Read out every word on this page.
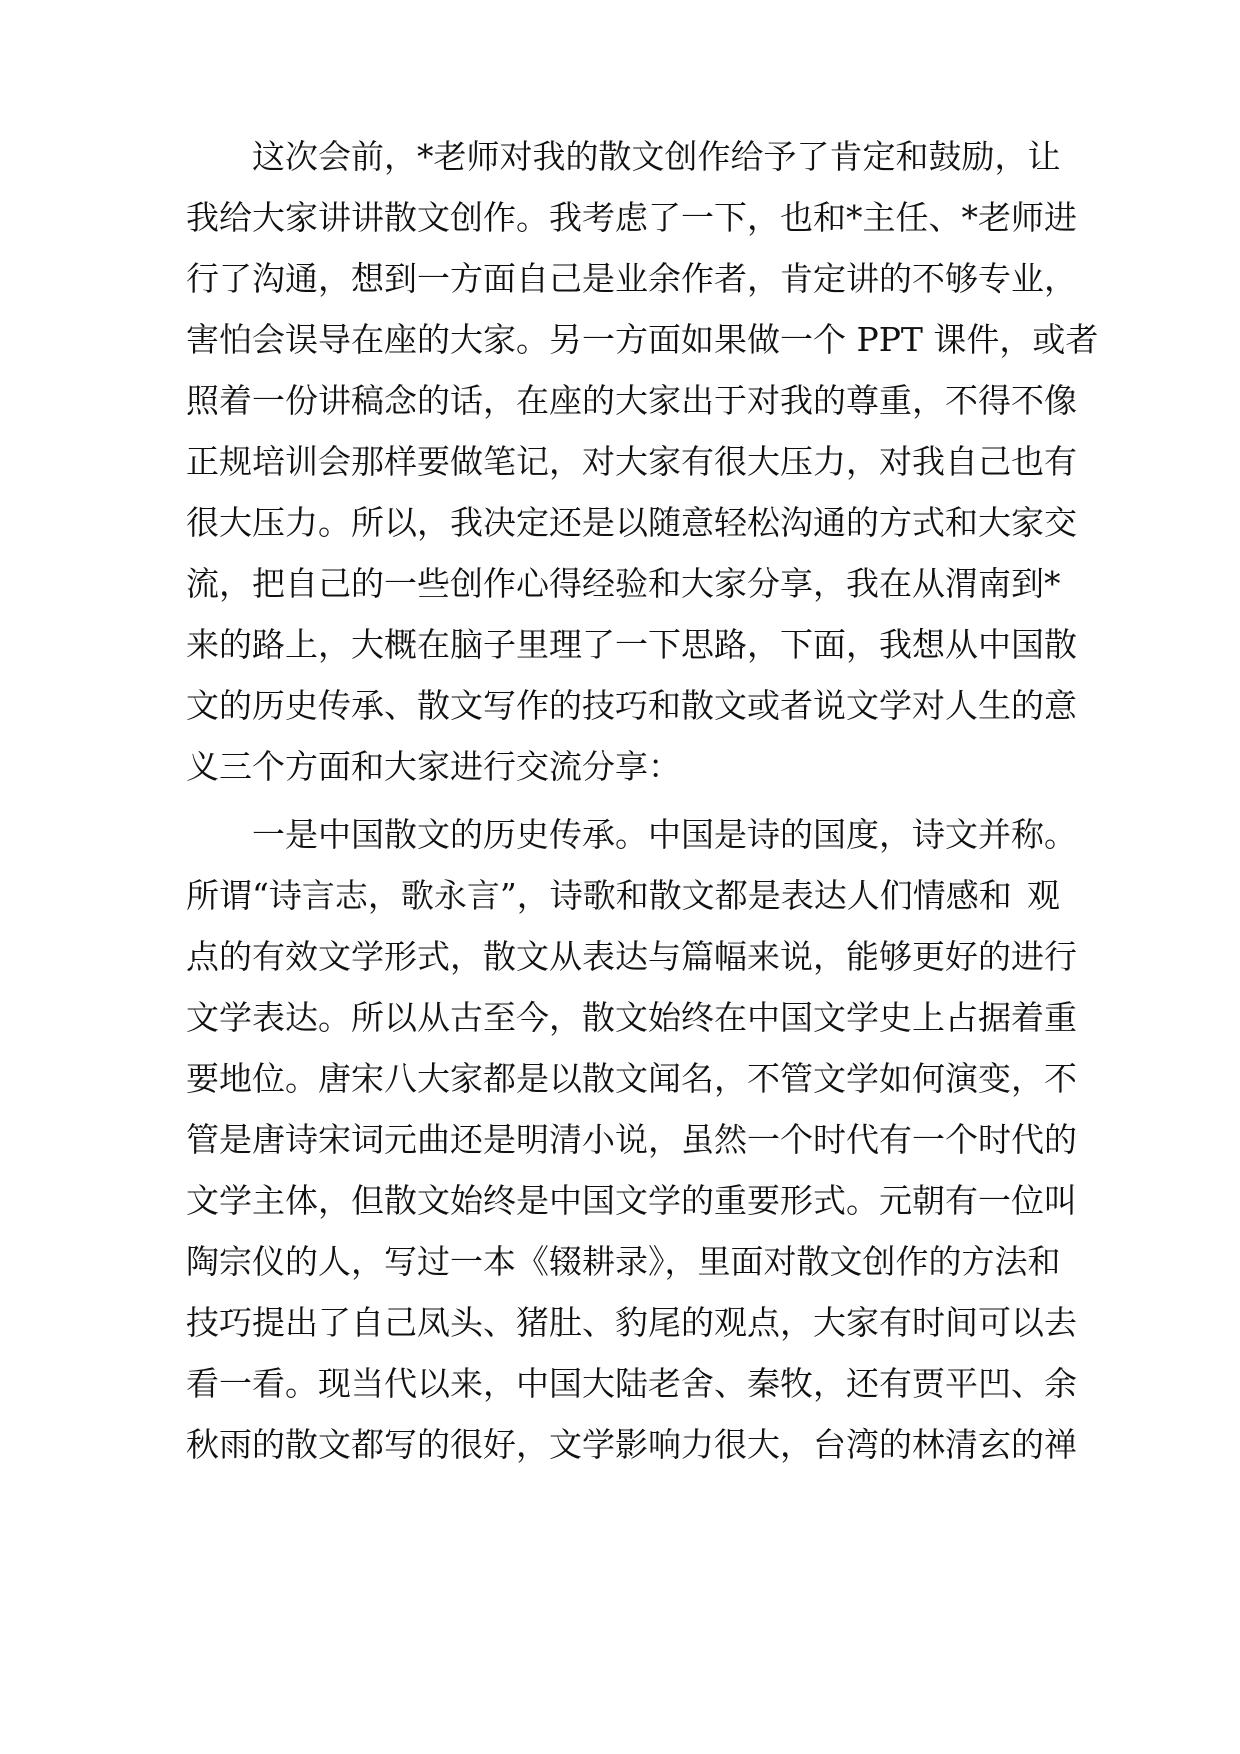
这次会前，*老师对我的散文创作给予了肯定和鼓励， 让
我给大家讲讲散文创作。我考虑了一下，也和*主任、*老 师进
行了沟通，想到一方面自己是业余作者，肯定讲的不够 专业，
害怕会误导在座的大家。另一方面如果做一个 PPT 课 件，或者
照着一份讲稿念的话，在座的大家出于对我的尊重， 不得不像
正规培训会那样要做笔记，对大家有很大压力，对 我自己也有
很大压力。所以，我决定还是以随意轻松沟通的 方式和大家交
流，把自己的一些创作心得经验和大家分享， 我在从渭南到*
来的路上，大概在脑子里理了一下思路，下 面，我想从中国散
文的历史传承、散文写作的技巧和散文或 者说文学对人生的意
义三个方面和大家进行交流分享：
一是中国散文的历史传承。中国是诗的国度，诗文并称。
所谓“诗言志，歌永言”，诗歌和散文都是表达人们情感和 观
点的有效文学形式，散文从表达与篇幅来说，能够更好的 进行
文学表达。所以从古至今，散文始终在中国文学史上占 据着重
要地位。唐宋八大家都是以散文闻名，不管文学如何 演变，不
管是唐诗宋词元曲还是明清小说，虽然一个时代有 一个时代的
文学主体，但散文始终是中国文学的重要形式。 元朝有一位叫
陶宗仪的人，写过一本《辍耕录》，里面对散 文创作的方法和
技巧提出了自己凤头、猪肚、豹尾的观点， 大家有时间可以去
看一看。现当代以来，中国大陆老舍、秦 牧，还有贾平凹、余
秋雨的散文都写的很好，文学影响力很 大，台湾的林清玄的禅
